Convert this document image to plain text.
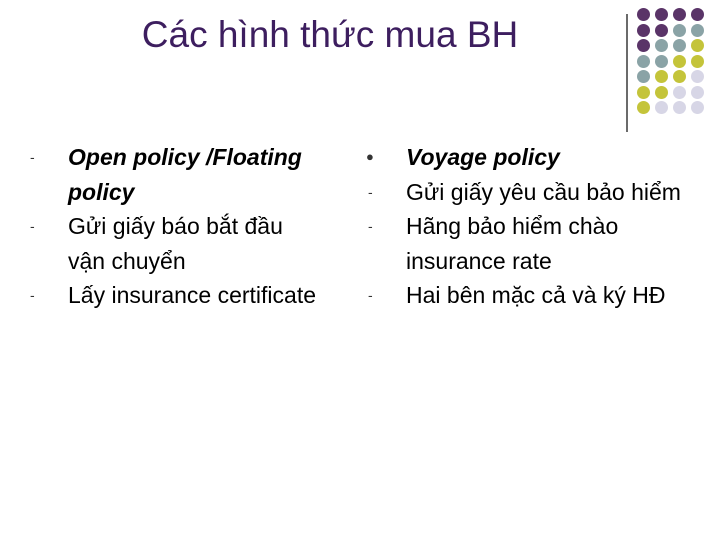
Các hình thức mua BH
-	Open policy /Floating policy
-	Gửi giấy báo bắt đầu vận chuyển
-	Lấy insurance certificate
●	Voyage policy
-	Gửi giấy yêu cầu bảo hiểm
-	Hãng bảo hiểm chào insurance rate
-	Hai bên mặc cả và ký HĐ
